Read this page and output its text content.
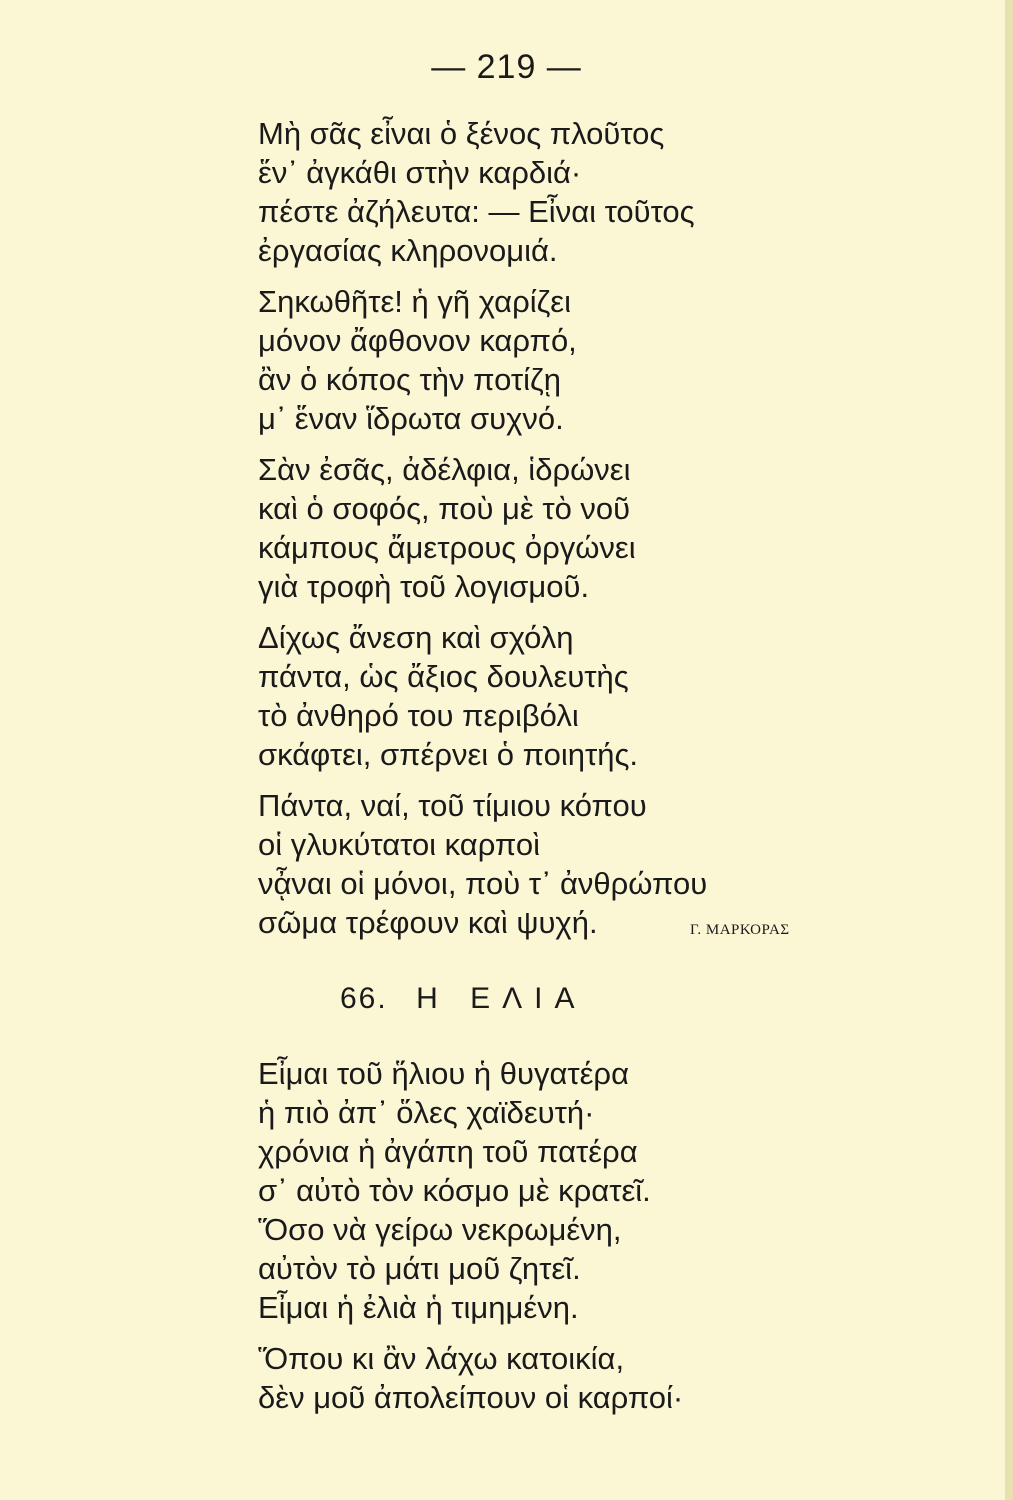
— 219 —
Μὴ σᾶς εἶναι ὁ ξένος πλοῦτος
ἕν᾽ ἀγκάθι στὴν καρδιά·
πέστε ἀζήλευτα: — Εἶναι τοῦτος
ἐργασίας κληρονομιά.
Σηκωθῆτε! ἡ γῆ χαρίζει
μόνον ἄφθονον καρπό,
ἂν ὁ κόπος τὴν ποτίζῃ
μ᾽ ἕναν ἵδρωτα συχνό.
Σὰν ἐσᾶς, ἀδέλφια, ἱδρώνει
καὶ ὁ σοφός, ποὺ μὲ τὸ νοῦ
κάμπους ἄμετρους ὀργώνει
γιὰ τροφὴ τοῦ λογισμοῦ.
Δίχως ἄνεση καὶ σχόλη
πάντα, ὡς ἄξιος δουλευτὴς
τὸ ἀνθηρό του περιβόλι
σκάφτει, σπέρνει ὁ ποιητής.
Πάντα, ναί, τοῦ τίμιου κόπου
οἱ γλυκύτατοι καρποὶ
νᾆναι οἱ μόνοι, ποὺ τ᾽ ἀνθρώπου
σῶμα τρέφουν καὶ ψυχή.	Γ. ΜΑΡΚΟΡΑΣ
66. Η ΕΛΙΑ
Εἶμαι τοῦ ἥλιου ἡ θυγατέρα
ἡ πιὸ ἀπ᾽ ὅλες χαϊδευτή·
χρόνια ἡ ἀγάπη τοῦ πατέρα
σ᾽ αὐτὸ τὸν κόσμο μὲ κρατεῖ.
Ὅσο νὰ γείρω νεκρωμένη,
αὐτὸν τὸ μάτι μοῦ ζητεῖ.
Εἶμαι ἡ ἐλιὰ ἡ τιμημένη.
Ὅπου κι ἂν λάχω κατοικία,
δὲν μοῦ ἀπολείπουν οἱ καρποί·
